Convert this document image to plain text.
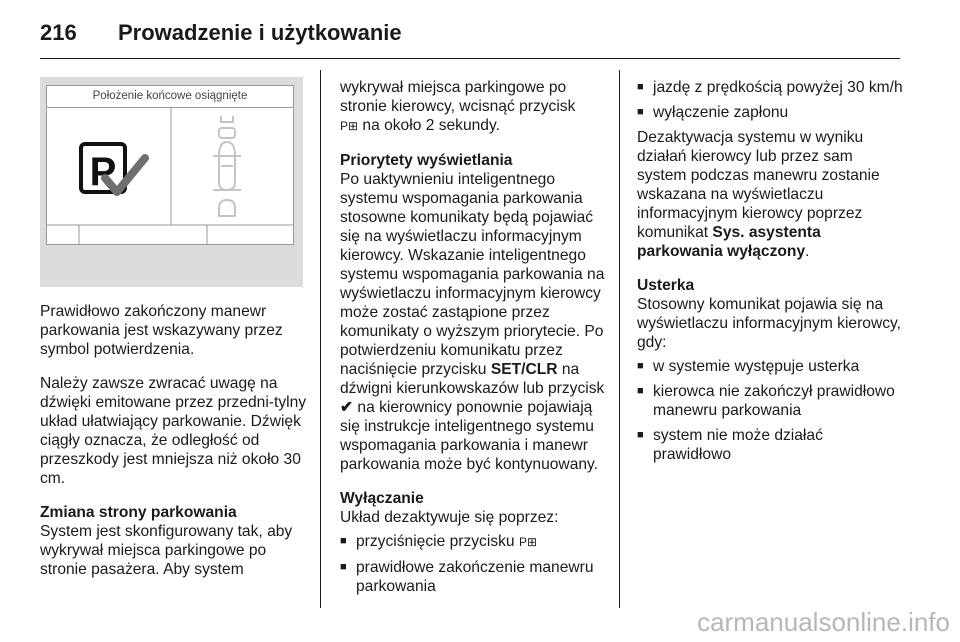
216 Prowadzenie i użytkowanie
Położenie końcowe osiągnięte
P

Prawidłowo zakończony manewr parkowania jest wskazywany przez symbol potwierdzenia.

Należy zawsze zwracać uwagę na dźwięki emitowane przez przedni-tylny układ ułatwiający parkowanie. Dźwięk ciągły oznacza, że odległość od przeszkody jest mniejsza niż około 30 cm.

Zmiana strony parkowania

System jest skonfigurowany tak, aby wykrywał miejsca parkingowe po stronie pasażera. Aby system

wykrywał miejsca parkingowe po stronie kierowcy, wcisnąć przycisk
P⊞ na około 2 sekundy.

Priorytety wyświetlania

Po uaktywnieniu inteligentnego systemu wspomagania parkowania stosowne komunikaty będą pojawiać się na wyświetlaczu informacyjnym kierowcy. Wskazanie inteligentnego systemu wspomagania parkowania na wyświetlaczu informacyjnym kierowcy może zostać zastąpione przez komunikaty o wyższym priorytecie. Po potwierdzeniu komunikatu przez naciśnięcie przycisku SET/CLR na dźwigni kierunkowskazów lub przycisk ✔ na kierownicy ponownie pojawiają się instrukcje inteligentnego systemu wspomagania parkowania i manewr parkowania może być kontynuowany.

Wyłączanie

Układ dezaktywuje się poprzez:

■ przyciśnięcie przycisku P⊞
■ prawidłowe zakończenie manewru parkowania
■ jazdę z prędkością powyżej 30 km/h
■ wyłączenie zapłonu

Dezaktywacja systemu w wyniku działań kierowcy lub przez sam system podczas manewru zostanie wskazana na wyświetlaczu informacyjnym kierowcy poprzez komunikat Sys. asystenta parkowania wyłączony.

Usterka

Stosowny komunikat pojawia się na wyświetlaczu informacyjnym kierowcy, gdy:

■ w systemie występuje usterka
■ kierowca nie zakończył prawidłowo manewru parkowania
■ system nie może działać prawidłowo
carmanualsonline.info
